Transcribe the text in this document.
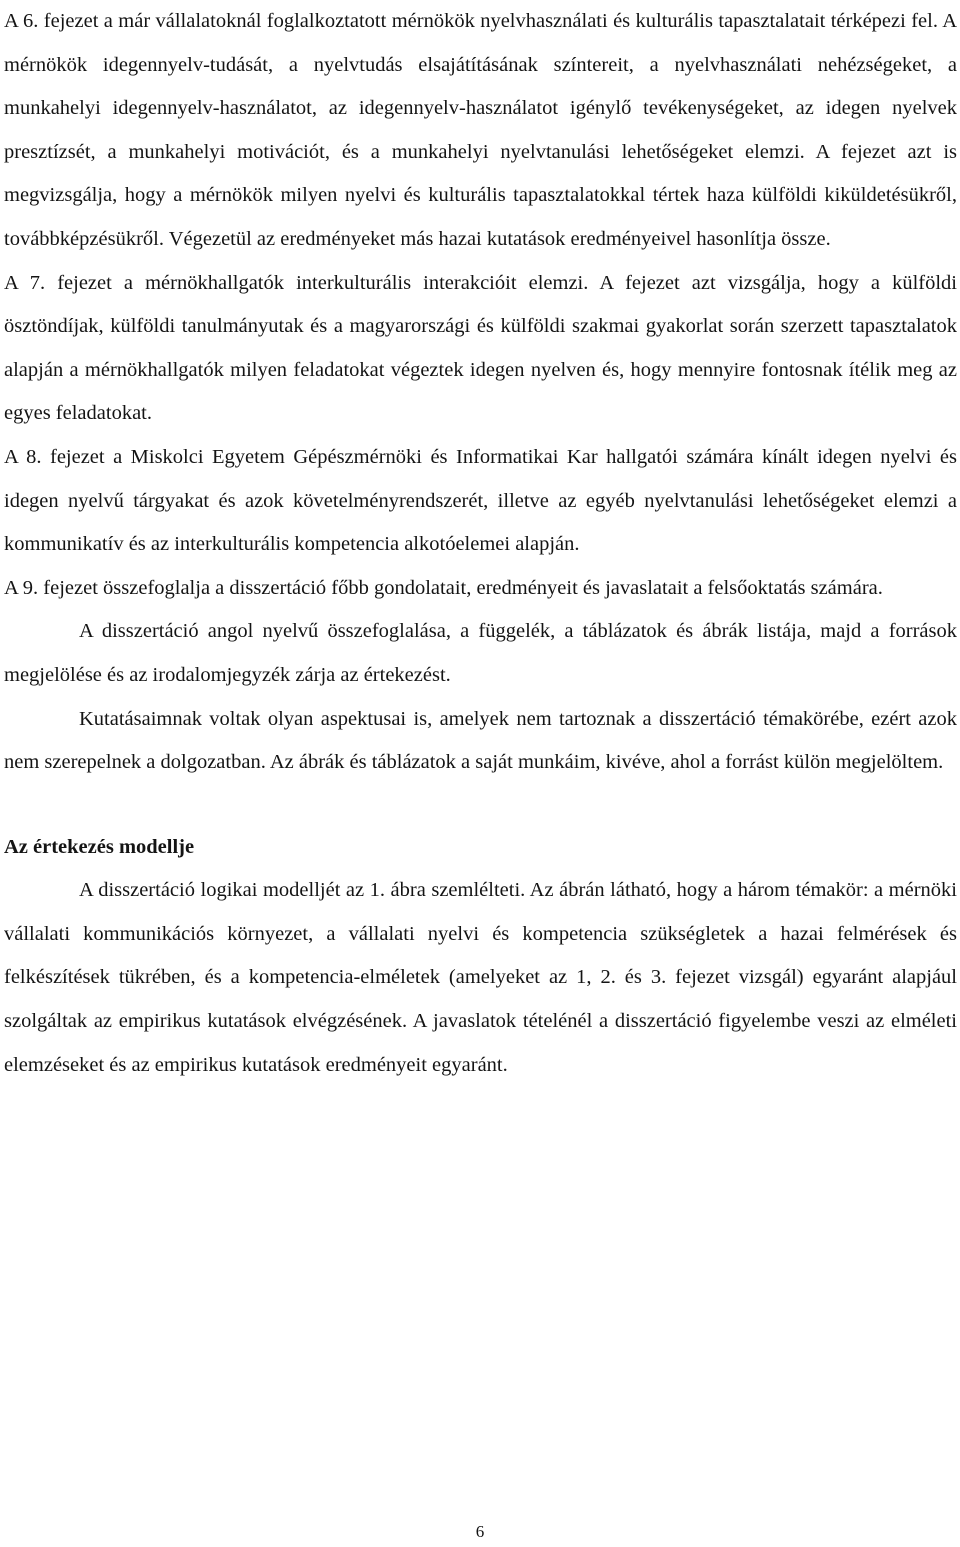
A 6. fejezet a már vállalatoknál foglalkoztatott mérnökök nyelvhasználati és kulturális tapasztalatait térképezi fel. A mérnökök idegennyelv-tudását, a nyelvtudás elsajátításának színtereit, a nyelvhasználati nehézségeket, a munkahelyi idegennyelv-használatot, az idegennyelv-használatot igénylő tevékenységeket, az idegen nyelvek presztízsét, a munkahelyi motivációt, és a munkahelyi nyelvtanulási lehetőségeket elemzi. A fejezet azt is megvizsgálja, hogy a mérnökök milyen nyelvi és kulturális tapasztalatokkal tértek haza külföldi kiküldetésükről, továbbképzésükről. Végezetül az eredményeket más hazai kutatások eredményeivel hasonlítja össze.

A 7. fejezet a mérnökhallgatók interkulturális interakcióit elemzi. A fejezet azt vizsgálja, hogy a külföldi ösztöndíjak, külföldi tanulmányutak és a magyarországi és külföldi szakmai gyakorlat során szerzett tapasztalatok alapján a mérnökhallgatók milyen feladatokat végeztek idegen nyelven és, hogy mennyire fontosnak ítélik meg az egyes feladatokat.

A 8. fejezet a Miskolci Egyetem Gépészmérnöki és Informatikai Kar hallgatói számára kínált idegen nyelvi és idegen nyelvű tárgyakat és azok követelményrendszerét, illetve az egyéb nyelvtanulási lehetőségeket elemzi a kommunikatív és az interkulturális kompetencia alkotóelemei alapján.

A 9. fejezet összefoglalja a disszertáció főbb gondolatait, eredményeit és javaslatait a felsőoktatás számára.

A disszertáció angol nyelvű összefoglalása, a függelék, a táblázatok és ábrák listája, majd a források megjelölése és az irodalomjegyzék zárja az értekezést.

Kutatásaimnak voltak olyan aspektusai is, amelyek nem tartoznak a disszertáció témakörébe, ezért azok nem szerepelnek a dolgozatban. Az ábrák és táblázatok a saját munkáim, kivéve, ahol a forrást külön megjelöltem.

Az értekezés modellje

A disszertáció logikai modelljét az 1. ábra szemlélteti. Az ábrán látható, hogy a három témakör: a mérnöki vállalati kommunikációs környezet, a vállalati nyelvi és kompetencia szükségletek a hazai felmérések és felkészítések tükrében, és a kompetencia-elméletek (amelyeket az 1, 2. és 3. fejezet vizsgál) egyaránt alapjául szolgáltak az empirikus kutatások elvégzésének. A javaslatok tételénél a disszertáció figyelembe veszi az elméleti elemzéseket és az empirikus kutatások eredményeit egyaránt.

6
